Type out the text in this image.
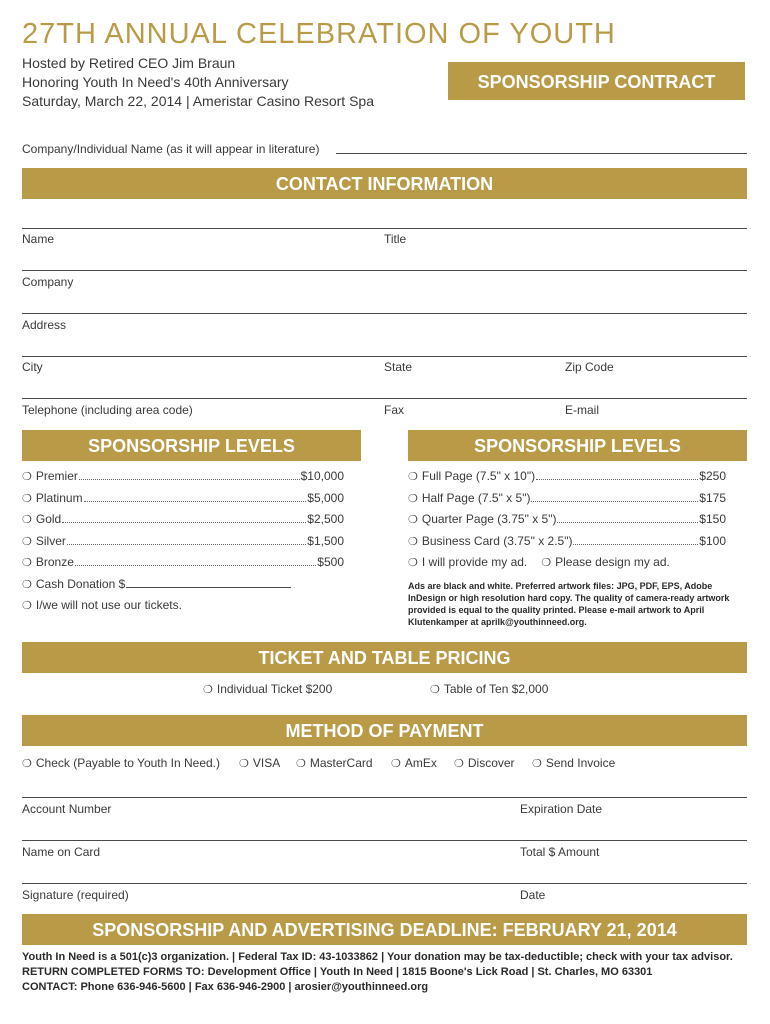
27TH ANNUAL CELEBRATION OF YOUTH
Hosted by Retired CEO Jim Braun
Honoring Youth In Need's 40th Anniversary
Saturday, March 22, 2014 | Ameristar Casino Resort Spa
SPONSORSHIP CONTRACT
Company/Individual Name (as it will appear in literature)
CONTACT INFORMATION
Name	Title
Company
Address
City	State	Zip Code
Telephone (including area code)	Fax	E-mail
SPONSORSHIP LEVELS
❍ Premier	$10,000
❍ Platinum	$5,000
❍ Gold	$2,500
❍ Silver	$1,500
❍ Bronze	$500
❍ Cash Donation $
❍ I/we will not use our tickets.
SPONSORSHIP LEVELS
❍ Full Page (7.5" x 10")	$250
❍ Half Page (7.5" x 5")	$175
❍ Quarter Page (3.75" x 5")	$150
❍ Business Card (3.75" x 2.5")	$100
❍ I will provide my ad. ❍ Please design my ad.
Ads are black and white. Preferred artwork files: JPG, PDF, EPS, Adobe InDesign or high resolution hard copy. The quality of camera-ready artwork provided is equal to the quality printed. Please e-mail artwork to April Klutenkamper at aprilk@youthinneed.org.
TICKET AND TABLE PRICING
❍ Individual Ticket $200	❍ Table of Ten $2,000
METHOD OF PAYMENT
❍ Check (Payable to Youth In Need.) ❍ VISA ❍ MasterCard ❍ AmEx ❍ Discover ❍ Send Invoice
Account Number	Expiration Date
Name on Card	Total $ Amount
Signature (required)	Date
SPONSORSHIP AND ADVERTISING DEADLINE: FEBRUARY 21, 2014
Youth In Need is a 501(c)3 organization. | Federal Tax ID: 43-1033862 | Your donation may be tax-deductible; check with your tax advisor.
RETURN COMPLETED FORMS TO: Development Office | Youth In Need | 1815 Boone's Lick Road | St. Charles, MO 63301
CONTACT: Phone 636-946-5600 | Fax 636-946-2900 | arosier@youthinneed.org
